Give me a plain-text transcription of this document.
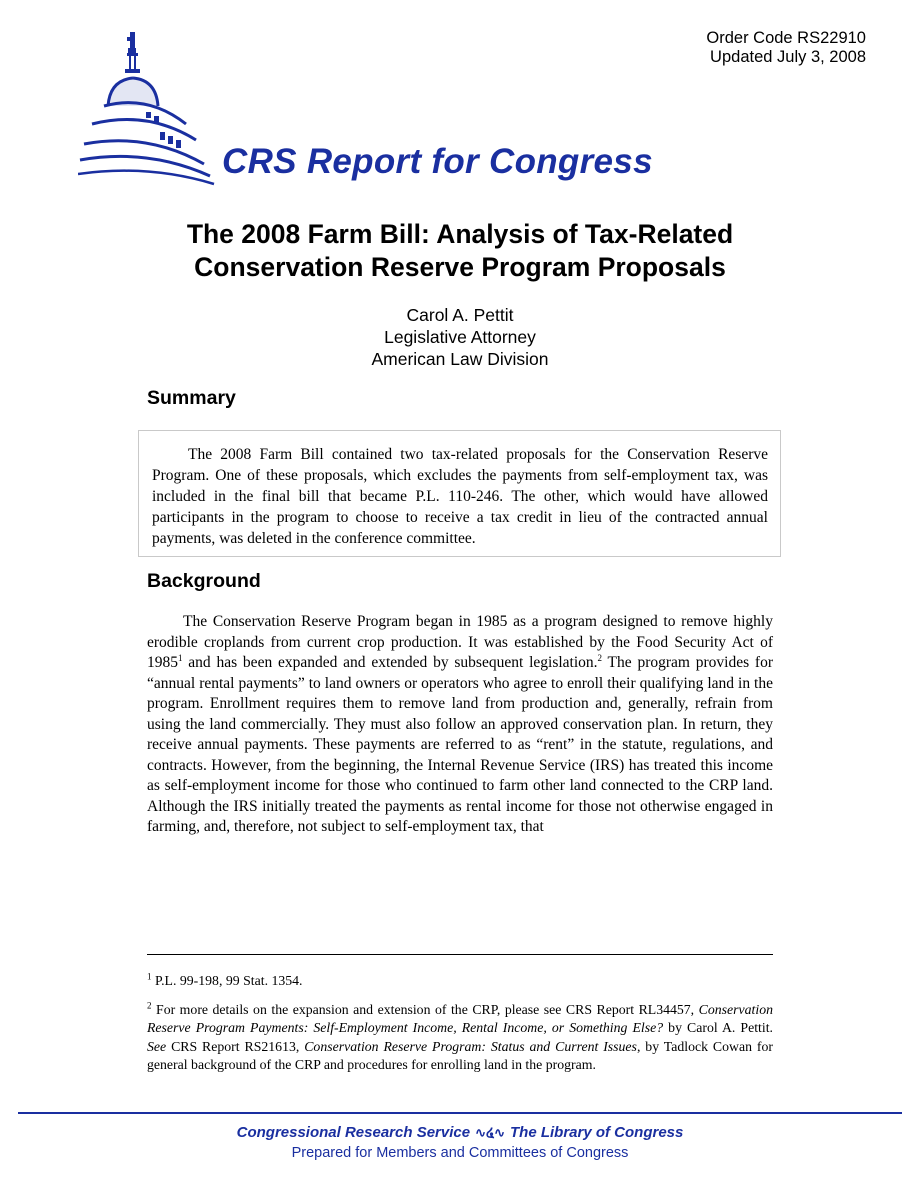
Order Code RS22910
Updated July 3, 2008
CRS Report for Congress
The 2008 Farm Bill: Analysis of Tax-Related
Conservation Reserve Program Proposals
Carol A. Pettit
Legislative Attorney
American Law Division
Summary

The 2008 Farm Bill contained two tax-related proposals for the Conservation Reserve Program. One of these proposals, which excludes the payments from self-employment tax, was included in the final bill that became P.L. 110-246. The other, which would have allowed participants in the program to choose to receive a tax credit in lieu of the contracted annual payments, was deleted in the conference committee.

Background

The Conservation Reserve Program began in 1985 as a program designed to remove highly erodible croplands from current crop production. It was established by the Food Security Act of 1985$^1$ and has been expanded and extended by subsequent legislation.$^2$ The program provides for “annual rental payments” to land owners or operators who agree to enroll their qualifying land in the program. Enrollment requires them to remove land from production and, generally, refrain from using the land commercially. They must also follow an approved conservation plan. In return, they receive annual payments. These payments are referred to as “rent” in the statute, regulations, and contracts. However, from the beginning, the Internal Revenue Service (IRS) has treated this income as self-employment income for those who continued to farm other land connected to the CRP land. Although the IRS initially treated the payments as rental income for those not otherwise engaged in farming, and, therefore, not subject to self-employment tax, that

$^1$ P.L. 99-198, 99 Stat. 1354.

$^2$ For more details on the expansion and extension of the CRP, please see CRS Report RL34457, Conservation Reserve Program Payments: Self-Employment Income, Rental Income, or Something Else? by Carol A. Pettit. See CRS Report RS21613, Conservation Reserve Program: Status and Current Issues, by Tadlock Cowan for general background of the CRP and procedures for enrolling land in the program.

Congressional Research Service ∿໔∿ The Library of Congress
Prepared for Members and Committees of Congress
